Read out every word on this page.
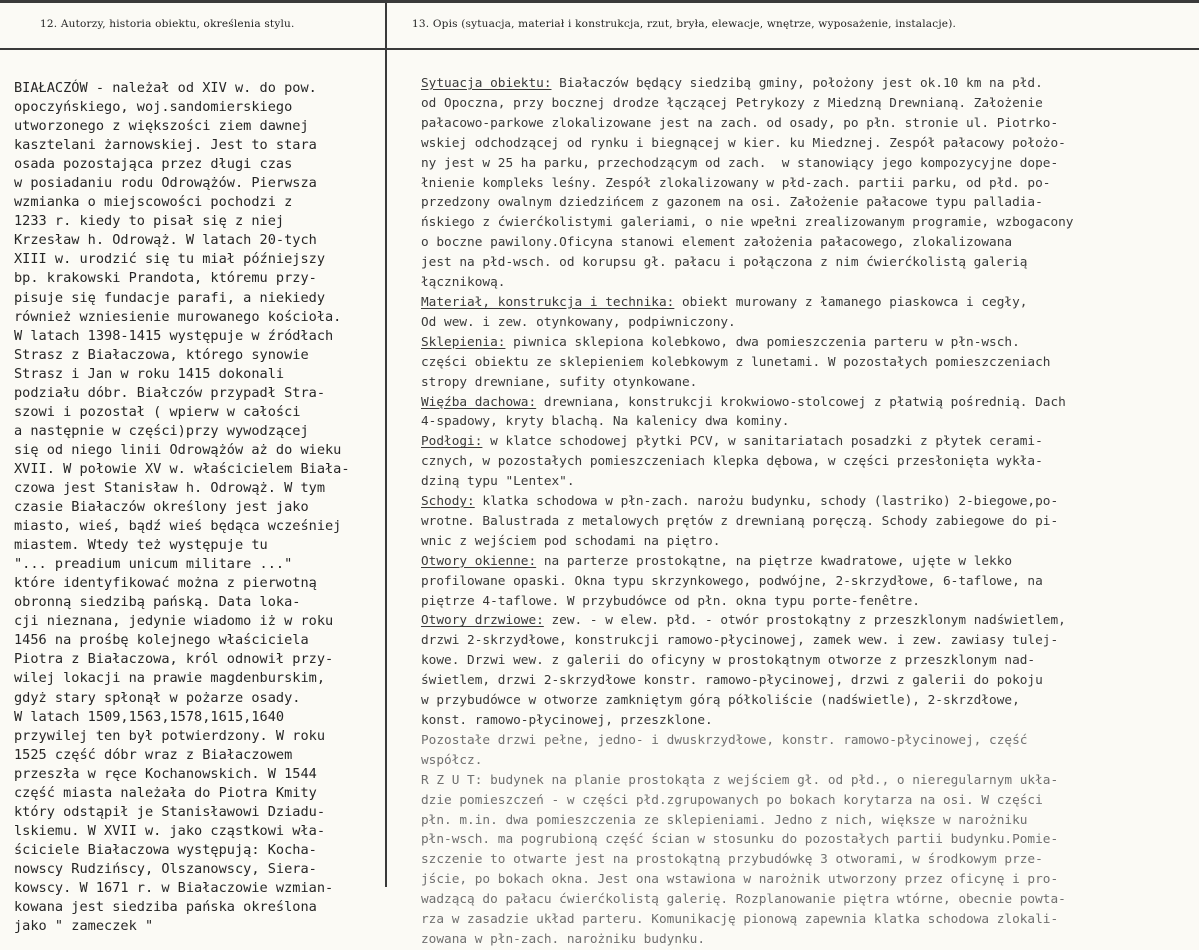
12. Autorzy, historia obiektu, określenia stylu.	13. Opis (sytuacja, materiał i konstrukcja, rzut, bryła, elewacje, wnętrze, wyposażenie, instalacje).
BIAŁACZÓW - należał od XIV w. do pow.
opoczyńskiego, woj.sandomierskiego
utworzonego z większości ziem dawnej
kasztelani żarnowskiej. Jest to stara
osada pozostająca przez długi czas
w posiadaniu rodu Odrowążów. Pierwsza
wzmianka o miejscowości pochodzi z
1233 r. kiedy to pisał się z niej
Krzesław h. Odrowąż. W latach 20-tych
XIII w. urodzić się tu miał późniejszy
bp. krakowski Prandota, któremu przy-
pisuje się fundacje parafi, a niekiedy
również wzniesienie murowanego kościoła.
W latach 1398-1415 występuje w źródłach
Strasz z Białaczowa, którego synowie
Strasz i Jan w roku 1415 dokonali
podziału dóbr. Białczów przypadł Stra-
szowi i pozostał ( wpierw w całości
a następnie w części)przy wywodzącej
się od niego linii Odrowążów aż do wieku
XVII. W połowie XV w. właścicielem Biała-
czowa jest Stanisław h. Odrowąż. W tym
czasie Białaczów określony jest jako
miasto, wieś, bądź wieś będąca wcześniej
miastem. Wtedy też występuje tu
"... preadium unicum militare ..."
które identyfikować można z pierwotną
obronną siedzibą pańską. Data loka-
cji nieznana, jedynie wiadomo iż w roku
1456 na prośbę kolejnego właściciela
Piotra z Białaczowa, król odnowił przy-
wilej lokacji na prawie magdenburskim,
gdyż stary spłonął w pożarze osady.
W latach 1509,1563,1578,1615,1640
przywilej ten był potwierdzony. W roku
1525 część dóbr wraz z Białaczowem
przeszła w ręce Kochanowskich. W 1544
część miasta należała do Piotra Kmity
który odstąpił je Stanisławowi Dziadu-
lskiemu. W XVII w. jako cząstkowi wła-
ściciele Białaczowa występują: Kocha-
nowscy Rudzińscy, Olszanowscy, Siera-
kowscy. W 1671 r. w Białaczowie wzmian-
kowana jest siedziba pańska określona
jako " zameczek "
Sytuacja obiektu: Białaczów będący siedzibą gminy, położony jest ok.10 km na płd.
od Opoczna, przy bocznej drodze łączącej Petrykozy z Miedzną Drewnianą. Założenie
pałacowo-parkowe zlokalizowane jest na zach. od osady, po płn. stronie ul. Piotrko-
wskiej odchodzącej od rynku i biegnącej w kier. ku Miedznej. Zespół pałacowy położo-
ny jest w 25 ha parku, przechodzącym od zach.  w stanowiący jego kompozycyjne dope-
łnienie kompleks leśny. Zespół zlokalizowany w płd-zach. partii parku, od płd. po-
przedzony owalnym dziedzińcem z gazonem na osi. Założenie pałacowe typu palladia-
ńskiego z ćwierćkolistymi galeriami, o nie wpełni zrealizowanym programie, wzbogacony
o boczne pawilony.Oficyna stanowi element założenia pałacowego, zlokalizowana
jest na płd-wsch. od korupsu gł. pałacu i połączona z nim ćwierćkolistą galerią
łącznikową.
Materiał, konstrukcja i technika: obiekt murowany z łamanego piaskowca i cegły,
Od wew. i zew. otynkowany, podpiwniczony.
Sklepienia: piwnica sklepiona kolebkowo, dwa pomieszczenia parteru w płn-wsch.
części obiektu ze sklepieniem kolebkowym z lunetami. W pozostałych pomieszczeniach
stropy drewniane, sufity otynkowane.
Więźba dachowa: drewniana, konstrukcji krokwiowo-stolcowej z płatwią pośrednią. Dach
4-spadowy, kryty blachą. Na kalenicy dwa kominy.
Podłogi: w klatce schodowej płytki PCV, w sanitariatach posadzki z płytek cerami-
cznych, w pozostałych pomieszczeniach klepka dębowa, w części przesłonięta wykła-
dziną typu "Lentex".
Schody: klatka schodowa w płn-zach. narożu budynku, schody (lastriko) 2-biegowe,po-
wrotne. Balustrada z metalowych prętów z drewnianą poręczą. Schody zabiegowe do pi-
wnic z wejściem pod schodami na piętro.
Otwory okienne: na parterze prostokątne, na piętrze kwadratowe, ujęte w lekko
profilowane opaski. Okna typu skrzynkowego, podwójne, 2-skrzydłowe, 6-taflowe, na
piętrze 4-taflowe. W przybudówce od płn. okna typu porte-fenêtre.
Otwory drzwiowe: zew. - w elew. płd. - otwór prostokątny z przeszklonym nadświetlem,
drzwi 2-skrzydłowe, konstrukcji ramowo-płycinowej, zamek wew. i zew. zawiasy tulej-
kowe. Drzwi wew. z galerii do oficyny w prostokątnym otworze z przeszklonym nad-
świetlem, drzwi 2-skrzydłowe konstr. ramowo-płycinowej, drzwi z galerii do pokoju
w przybudówce w otworze zamkniętym górą półkoliście (nadświetle), 2-skrzdłowe,
konst. ramowo-płycinowej, przeszklone.
Pozostałe drzwi pełne, jedno- i dwuskrzydłowe, konstr. ramowo-płycinowej, część
współcz.
R Z U T: budynek na planie prostokąta z wejściem gł. od płd., o nieregularnym ukła-
dzie pomieszczeń - w części płd.zgrupowanych po bokach korytarza na osi. W części
płn. m.in. dwa pomieszczenia ze sklepieniami. Jedno z nich, większe w narożniku
płn-wsch. ma pogrubioną część ścian w stosunku do pozostałych partii budynku.Pomie-
szczenie to otwarte jest na prostokątną przybudówkę 3 otworami, w środkowym prze-
jście, po bokach okna. Jest ona wstawiona w narożnik utworzony przez oficynę i pro-
wadzącą do pałacu ćwierćkolistą galerię. Rozplanowanie piętra wtórne, obecnie powta-
rza w zasadzie układ parteru. Komunikację pionową zapewnia klatka schodowa zlokali-
zowana w płn-zach. narożniku budynku.
